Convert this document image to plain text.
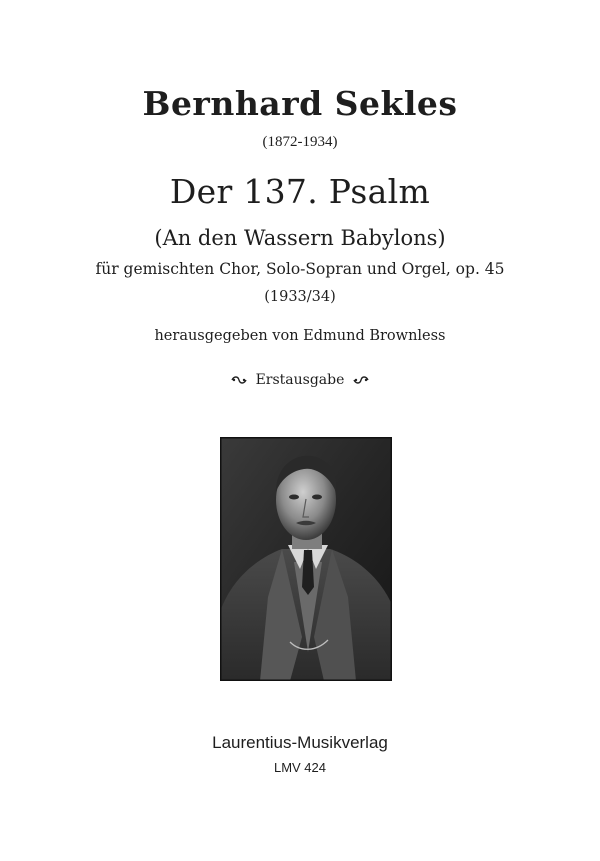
Bernhard Sekles
(1872-1934)
Der 137. Psalm
(An den Wassern Babylons)
für gemischten Chor, Solo-Sopran und Orgel, op. 45
(1933/34)
herausgegeben von Edmund Brownless
Erstausgabe
Laurentius-Musikverlag
LMV 424
